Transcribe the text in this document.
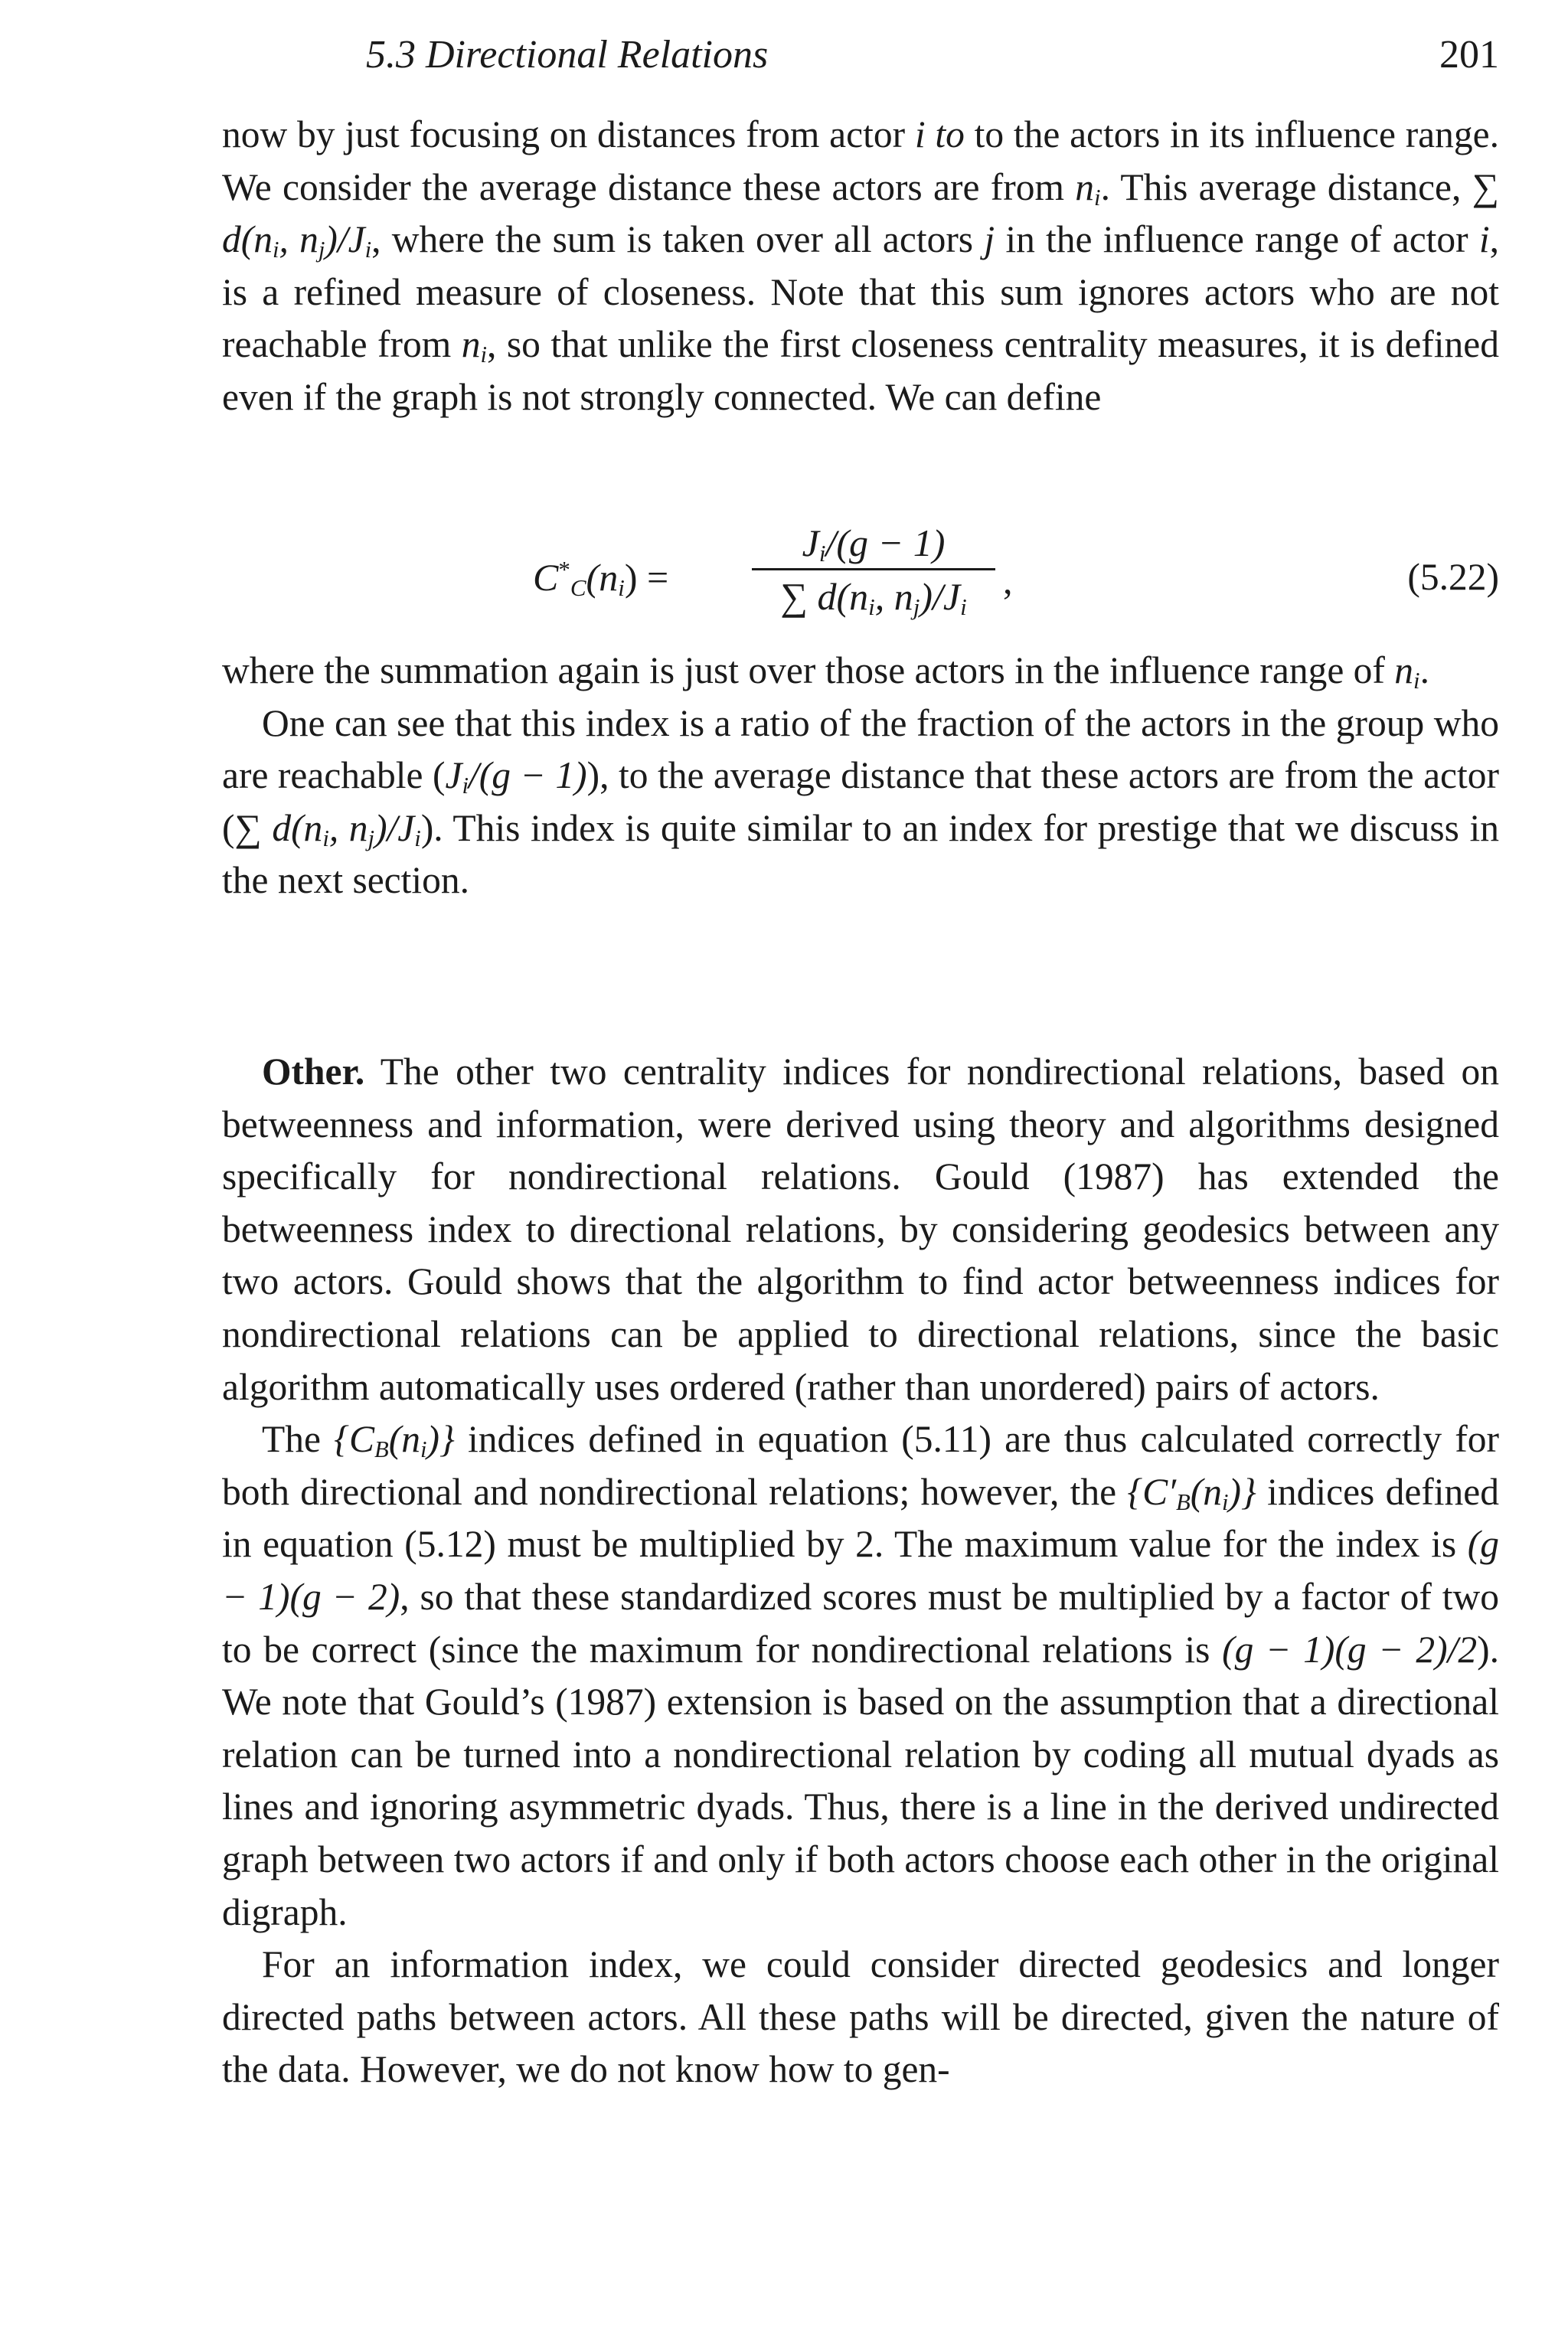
5.3 Directional Relations	201

now by just focusing on distances from actor i to to the actors in its influence range. We consider the average distance these actors are from $n_i$. This average distance, ∑ $d(n_i$, $n_j)/J_i$, where the sum is taken over all actors j in the influence range of actor i, is a refined measure of closeness. Note that this sum ignores actors who are not reachable from $n_i$, so that unlike the first closeness centrality measures, it is defined even if the graph is not strongly connected. We can define

$C^*_C(n_i)$ =
$J_i/(g - 1)$
∑ $d(n_i$, $n_j)/J_i$
,	(5.22)

where the summation again is just over those actors in the influence range of $n_i$.

One can see that this index is a ratio of the fraction of the actors in the group who are reachable $(J_i/(g - 1))$, to the average distance that these actors are from the actor (∑ $d(n_i$, $n_j)/J_i$). This index is quite similar to an index for prestige that we discuss in the next section.

Other. The other two centrality indices for nondirectional relations, based on betweenness and information, were derived using theory and algorithms designed specifically for nondirectional relations. Gould (1987) has extended the betweenness index to directional relations, by considering geodesics between any two actors. Gould shows that the algorithm to find actor betweenness indices for nondirectional relations can be applied to directional relations, since the basic algorithm automatically uses ordered (rather than unordered) pairs of actors.

The $\{C_B(n_i)\}$ indices defined in equation (5.11) are thus calculated correctly for both directional and nondirectional relations; however, the $\{C'_B(n_i)\}$ indices defined in equation (5.12) must be multiplied by 2. The maximum value for the index is (g − 1)(g − 2), so that these standardized scores must be multiplied by a factor of two to be correct (since the maximum for nondirectional relations is (g − 1)(g − 2)/2). We note that Gould’s (1987) extension is based on the assumption that a directional relation can be turned into a nondirectional relation by coding all mutual dyads as lines and ignoring asymmetric dyads. Thus, there is a line in the derived undirected graph between two actors if and only if both actors choose each other in the original digraph.

For an information index, we could consider directed geodesics and longer directed paths between actors. All these paths will be directed, given the nature of the data. However, we do not know how to gen-
